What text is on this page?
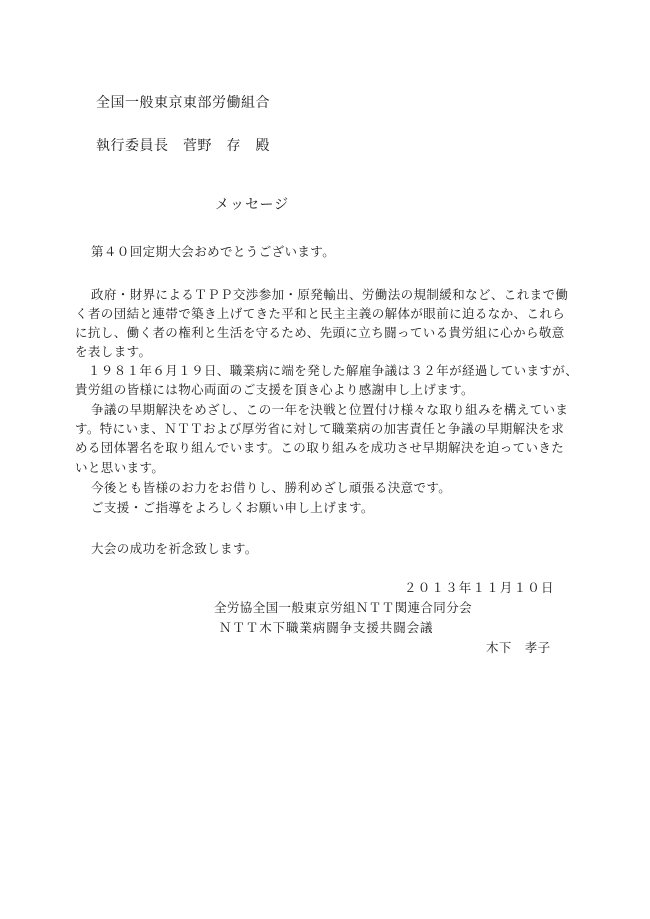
全国一般東京東部労働組合
執行委員長　菅野　存　殿
メッセージ
第４０回定期大会おめでとうございます。
政府・財界によるＴＰＰ交渉参加・原発輸出、労働法の規制緩和など、これまで働
く者の団結と連帯で築き上げてきた平和と民主主義の解体が眼前に迫るなか、これら
に抗し、働く者の権利と生活を守るため、先頭に立ち闘っている貴労組に心から敬意
を表します。
　１９８１年６月１９日、職業病に端を発した解雇争議は３２年が経過していますが、
貴労組の皆様には物心両面のご支援を頂き心より感謝申し上げます。
争議の早期解決をめざし、この一年を決戦と位置付け様々な取り組みを構えていま
す。特にいま、ＮＴＴおよび厚労省に対して職業病の加害責任と争議の早期解決を求
める団体署名を取り組んでいます。この取り組みを成功させ早期解決を迫っていきた
いと思います。
今後とも皆様のお力をお借りし、勝利めざし頑張る決意です。
ご支援・ご指導をよろしくお願い申し上げます。
大会の成功を祈念致します。
２０１３年１１月１０日
全労協全国一般東京労組ＮＴＴ関連合同分会
ＮＴＴ木下職業病闘争支援共闘会議
木下　孝子
